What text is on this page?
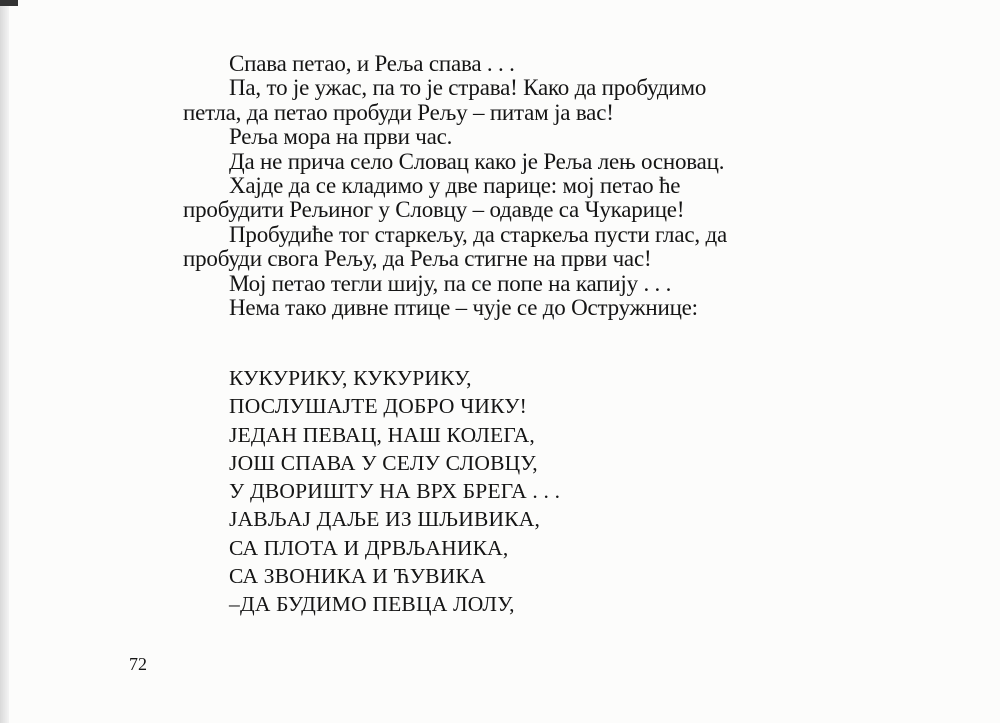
Спава петао, и Реља спава . . .
Па, то је ужас, па то је страва! Како да пробудимо
петла, да петао пробуди Рељу – питам ја вас!
Реља мора на први час.
Да не прича село Словац како је Реља лењ основац.
Хајде да се кладимо у две парице: мој петао ће
пробудити Рељиног у Словцу – одавде са Чукарице!
Пробудиће тог старкељу, да старкеља пусти глас, да
пробуди свога Рељу, да Реља стигне на први час!
Мој петао тегли шију, па се попе на капију . . .
Нема тако дивне птице – чује се до Остружнице:
КУКУРИКУ, КУКУРИКУ,
ПОСЛУШАЈТЕ ДОБРО ЧИКУ!
ЈЕДАН ПЕВАЦ, НАШ КОЛЕГА,
ЈОШ СПАВА У СЕЛУ СЛОВЦУ,
У ДВОРИШТУ НА ВРХ БРЕГА . . .
ЈАВЉАЈ ДАЉЕ ИЗ ШЉИВИКА,
СА ПЛОТА И ДРВЉАНИКА,
СА ЗВОНИКА И ЋУВИКА
–ДА БУДИМО ПЕВЦА ЛОЛУ,
72
